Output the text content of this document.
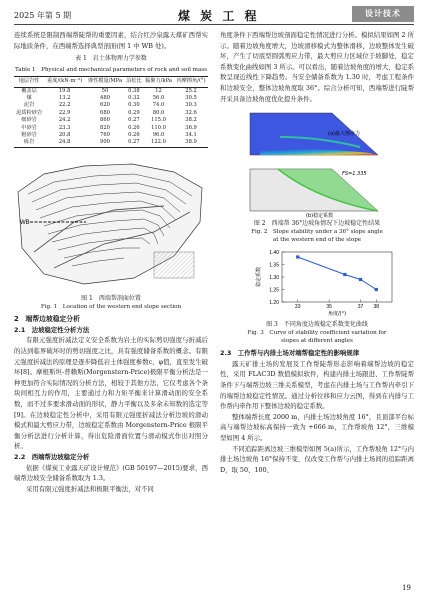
2025 年第 5 期	煤 炭 工 程	设计技术

连续系统是限制西端帮陡帮的重要因素，结合红沙泉露天煤矿西帮实际地质条件，在西端帮选择典型剖面(图 1 中 WB 处)。

表 1　岩土体物理力学参数
Table 1　Physical and mechanical parameters of rock and soil mass
地层岩性	重度/(kN·m⁻³)	弹性模量/MPa	泊松比	黏聚力/kPa	内摩擦角/(°)
覆盖层	19.8	50	0.38	12	25.2
煤	13.2	480	0.32	56.0	30.5
泥岩	22.2	620	0.30	74.0	30.3
泥质粉砂岩	22.9	680	0.29	80.0	32.6
细砂岩	24.2	860	0.27	115.0	38.2
中砂岩	23.3	820	0.26	110.0	36.9
粗砂岩	20.8	760	0.26	96.0	34.1
砾岩	24.8	900	0.27	122.0	38.9
WB
图 1　西端帮剖面位置
Fig. 1　Location of the western end slope section
2　端帮边坡稳定分析
2.1　边坡稳定性分析方法

有限元强度折减法定义安全系数为岩土的实际剪切强度与折减后的达到临界破坏时的剪切强度之比，具有强度储备系数的概念。有限元强度折减法的原理是逐步降低岩土体强度参数c、φ值，直至发生破坏[8]。摩根斯坦-普赖斯(Morgenstern-Price)极限平衡分析法是一种更加符合实际情况的分析方法，相较于其他方法，它仅考虑各个条块间相互力的作用，主要通过力和力矩平衡来计算滑动面的安全系数，而不过多要求滑动面的形状，静力平衡以及多余未知数的选定等[9]。在边坡稳定性分析中，采用有限元强度折减法分析边坡的滑动模式和最大剪应力带，边坡稳定系数由 Morgenstern-Price 极限平衡分析法进行分析计算，得出危险滑面位置与滑动模式作出对照分析。

2.2　西端帮边坡稳定分析

依据《煤炭工业露天矿设计规范》(GB 50197—2015)要求，西端帮边坡安全储备系数取为 1.3。

采用有限元强度折减法和极限平衡法，对不同

角度条件下西端帮边坡剖面稳定性情况进行分析。模拟结果如图 2 所示。随着边坡角度增大，边坡滑移模式为整体滑移，边坡整体发生破坏，产生了切底型圆弧剪应力带，最大剪应力区域位于坡脚处，稳定系数变化曲线如图 3 所示。可以看出，随着边坡角度的增大，稳定系数呈现近线性下降趋势。当安全储备系数为 1.30 时，考虑工程条件和边坡安全，整体边坡角度取 36°。综合分析可知，西端帮进行陡帮开采具备边坡角度优化提升条件。

(a)最大剪应力
FS=1.335
(b)稳定系数
图 2　西端帮 36°边坡角情况下边坡稳定性结果
Fig. 2　Slope stability under a 36° slope angle
at the western end of the slope
1.20
1.25
1.30
1.35
1.40
33	35	37 38
角度/(°)
稳定系数
图 3　不同角度边坡稳定系数变化曲线
Fig. 3　Curve of stability coefficient variation for
slopes at different angles
2.3　工作帮与内排土场对端帮稳定性的影响规律

露天矿排土场的发展及工作帮陡帮形态影响着端帮边坡的稳定性，采用 FLAC3D 数值模拟软件，构建内排土场跟进、工作帮陡帮条件下与端帮边坡三维关系模型，考虑在内排土场与工作帮内牵引下的端帮边坡稳定性情况。通过分析位移和应力云图，得到在内排与工作帮内牵作用下整体边坡的稳定系数。

整体端帮长度 2000 m，内排土场边坡角度 16°，且顶部平台标高与端帮边坡标高保持一致为 +666 m，工作帮坡角 12°，三维模型如图 4 所示。

不同追踪距离边坡三维模型如图 5(a)所示，工作帮坡角 12°与内排土场边坡角 16°保持不变，仅改变工作帮与内排土场间的追踪距离 D，取 50、100、

19
